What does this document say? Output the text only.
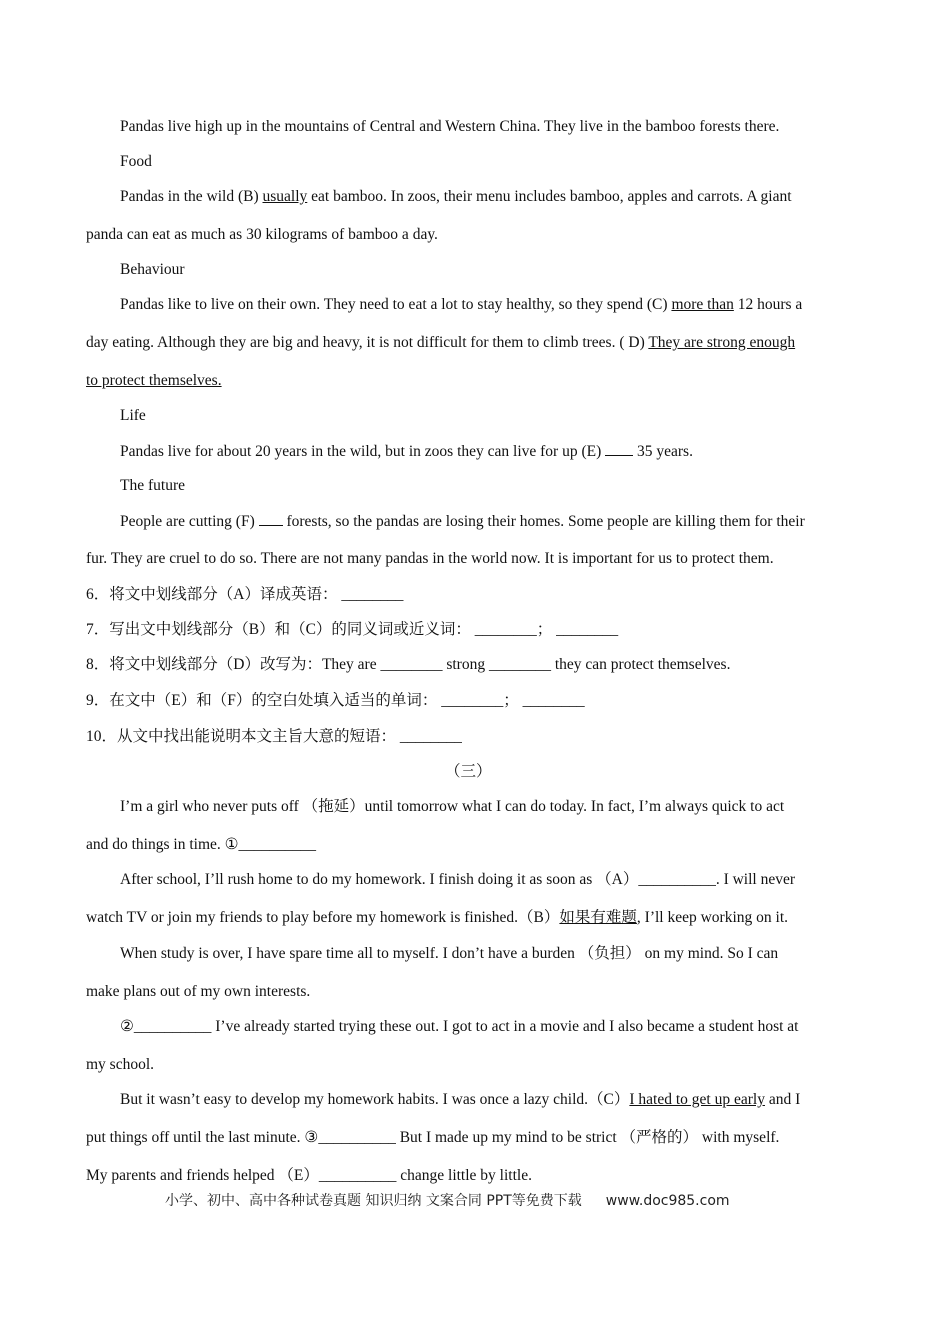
Pandas live high up in the mountains of Central and Western China. They live in the bamboo forests there.
Food
Pandas in the wild (B) usually eat bamboo. In zoos, their menu includes bamboo, apples and carrots. A giant
panda can eat as much as 30 kilograms of bamboo a day.
Behaviour
Pandas like to live on their own. They need to eat a lot to stay healthy, so they spend (C) more than 12 hours a
day eating. Although they are big and heavy, it is not difficult for them to climb trees. ( D) They are strong enough
to protect themselves.
Life
Pandas live for about 20 years in the wild, but in zoos they can live for up (E)  35 years.
The future
People are cutting (F)  forests, so the pandas are losing their homes. Some people are killing them for their
fur. They are cruel to do so. There are not many pandas in the world now. It is important for us to protect them.
6．将文中划线部分（A）译成英语： ________
7．写出文中划线部分（B）和（C）的同义词或近义词： ________； ________
8．将文中划线部分（D）改写为：They are ________ strong ________ they can protect themselves.
9．在文中（E）和（F）的空白处填入适当的单词： ________； ________
10．从文中找出能说明本文主旨大意的短语： ________
（三）
I’m a girl who never puts off （拖延）until tomorrow what I can do today. In fact, I’m always quick to act
and do things in time. ①__________
After school, I’ll rush home to do my homework. I finish doing it as soon as （A）__________. I will never
watch TV or join my friends to play before my homework is finished.（B）如果有难题, I’ll keep working on it.
When study is over, I have spare time all to myself. I don’t have a burden （负担） on my mind. So I can
make plans out of my own interests.
②__________ I’ve already started trying these out. I got to act in a movie and I also became a student host at
my school.
But it wasn’t easy to develop my homework habits. I was once a lazy child.（C）I hated to get up early and I
put things off until the last minute. ③__________ But I made up my mind to be strict （严格的） with myself.
My parents and friends helped （E）__________ change little by little.
小学、初中、高中各种试卷真题 知识归纳 文案合同 PPT等免费下载 www.doc985.com
